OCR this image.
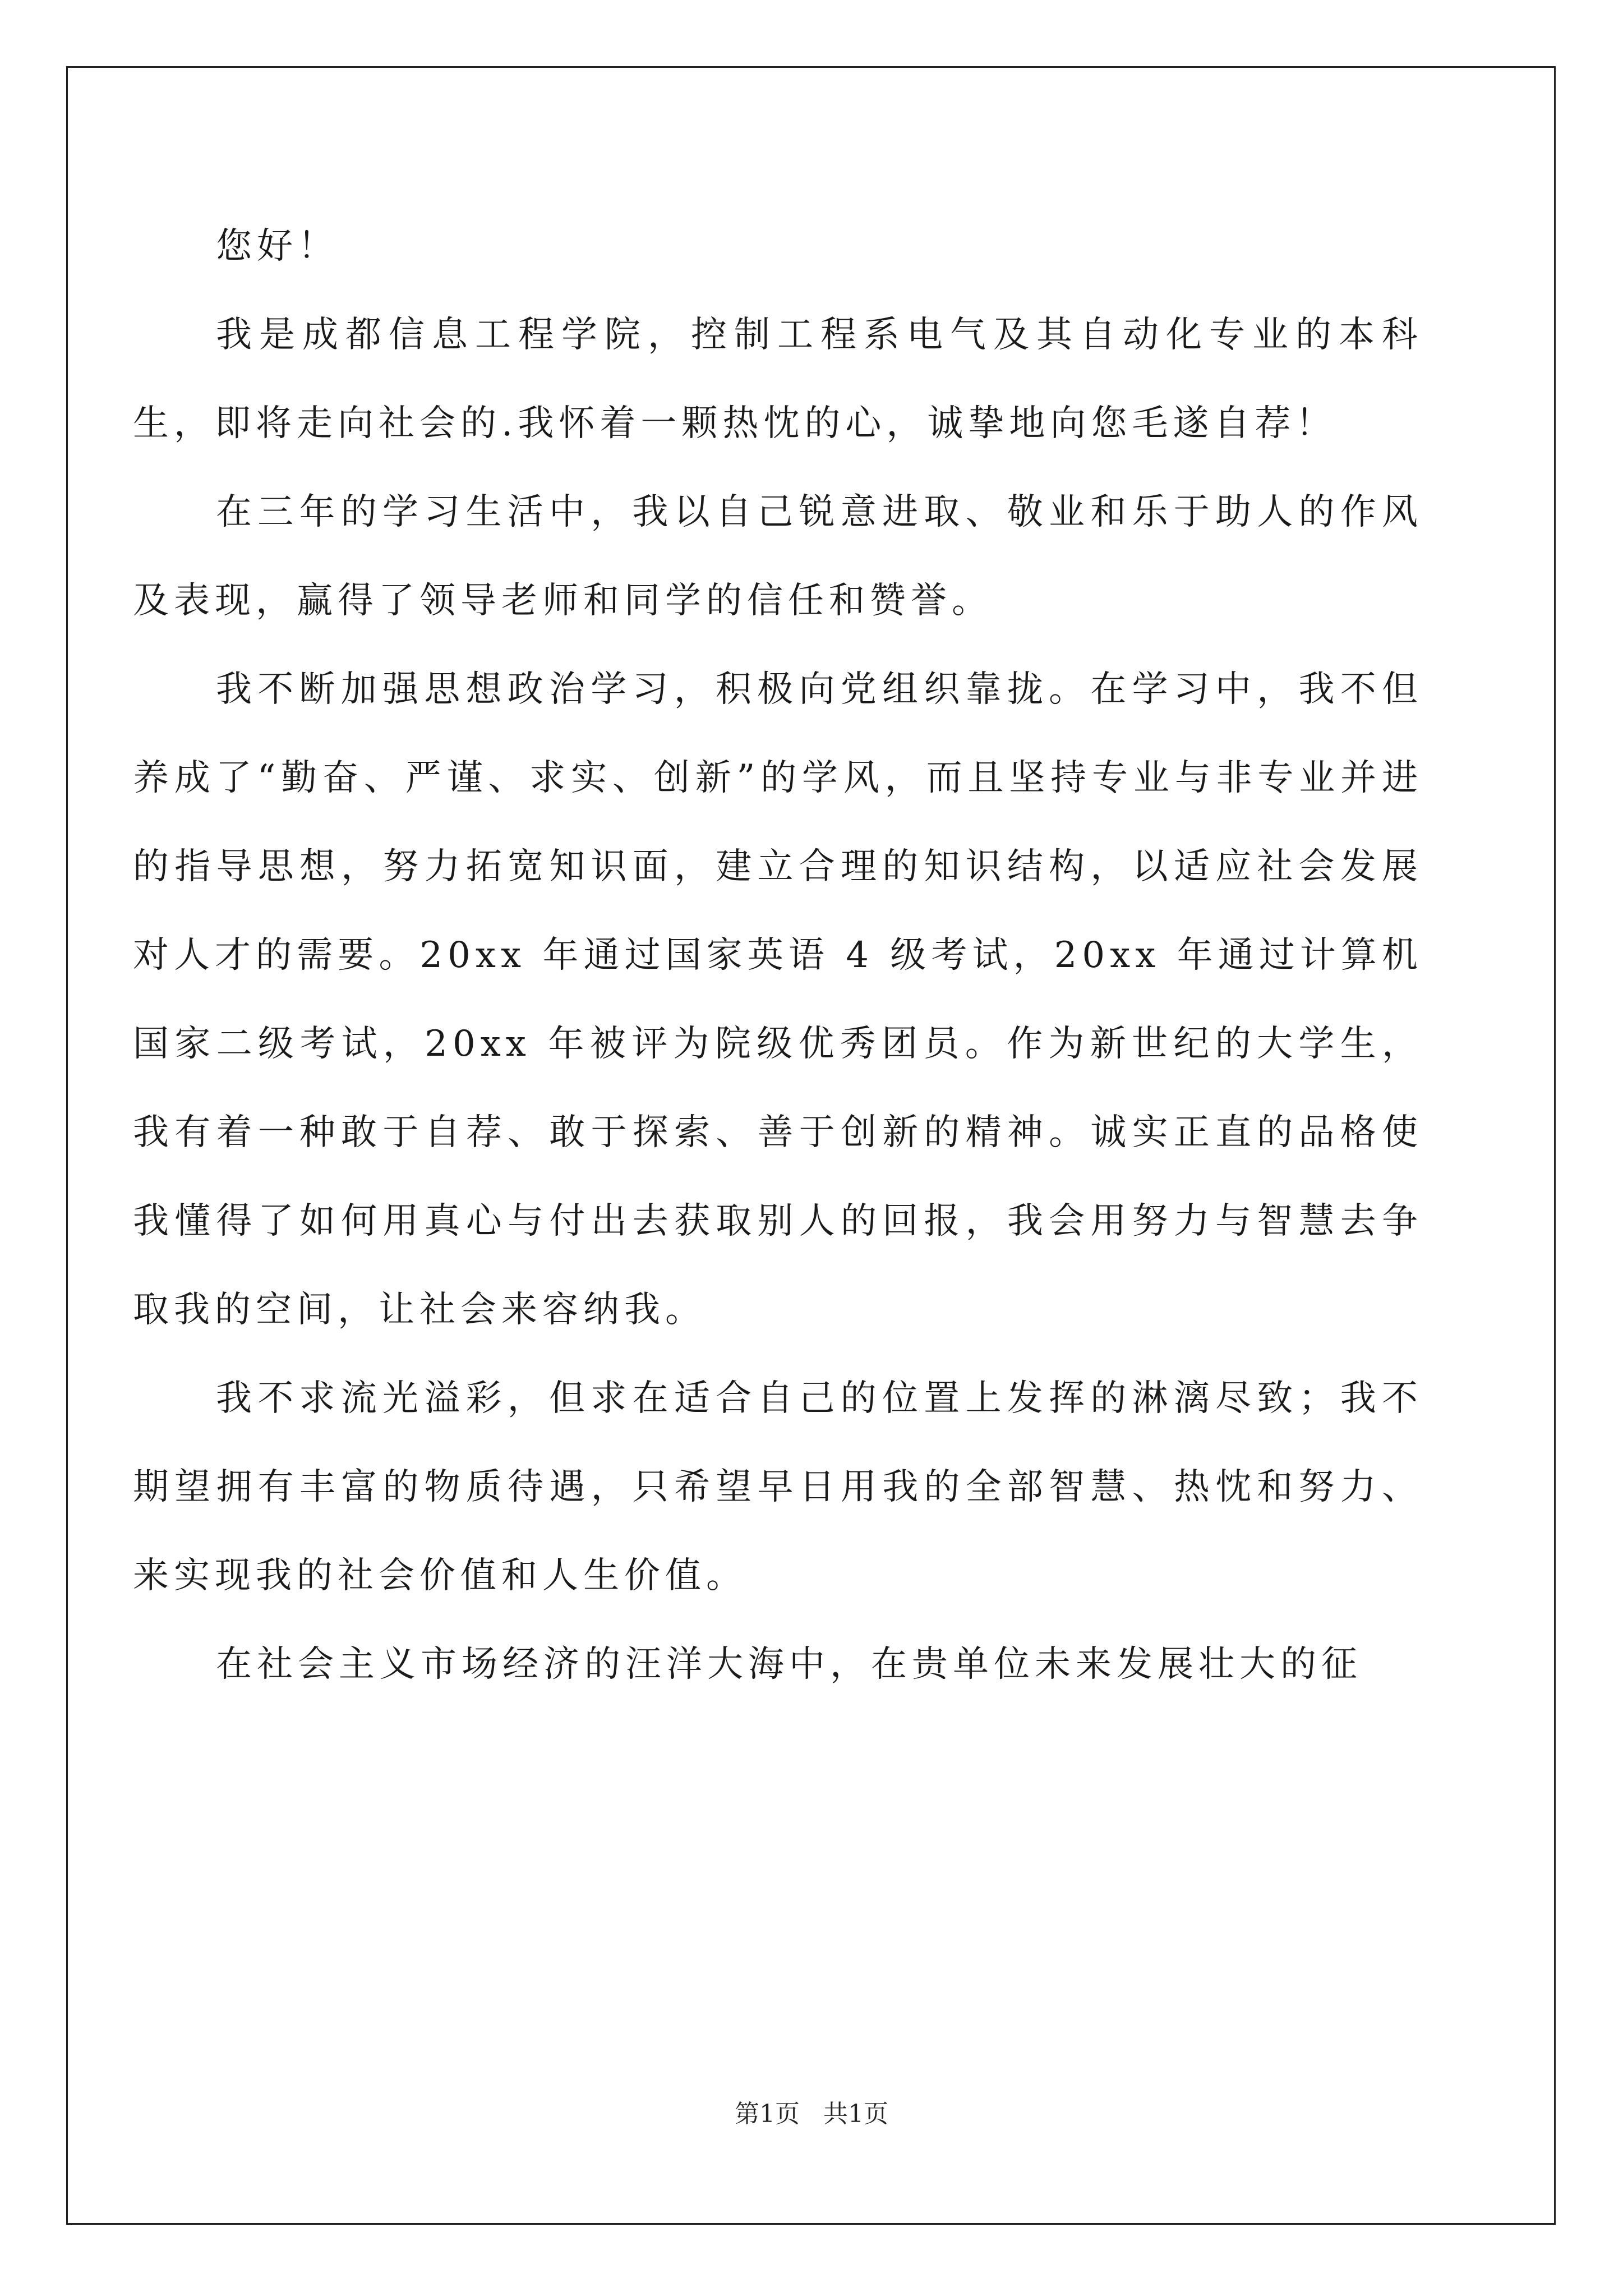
您好！

我是成都信息工程学院，控制工程系电气及其自动化专业的本科生，即将走向社会的.我怀着一颗热忱的心，诚挚地向您毛遂自荐！

在三年的学习生活中，我以自己锐意进取、敬业和乐于助人的作风及表现，赢得了领导老师和同学的信任和赞誉。

我不断加强思想政治学习，积极向党组织靠拢。在学习中，我不但养成了“勤奋、严谨、求实、创新”的学风，而且坚持专业与非专业并进的指导思想，努力拓宽知识面，建立合理的知识结构，以适应社会发展对人才的需要。20xx 年通过国家英语 4 级考试，20xx 年通过计算机国家二级考试，20xx 年被评为院级优秀团员。作为新世纪的大学生，我有着一种敢于自荐、敢于探索、善于创新的精神。诚实正直的品格使我懂得了如何用真心与付出去获取别人的回报，我会用努力与智慧去争取我的空间，让社会来容纳我。

我不求流光溢彩，但求在适合自己的位置上发挥的淋漓尽致；我不期望拥有丰富的物质待遇，只希望早日用我的全部智慧、热忱和努力、来实现我的社会价值和人生价值。

在社会主义市场经济的汪洋大海中，在贵单位未来发展壮大的征

第1页 共1页
